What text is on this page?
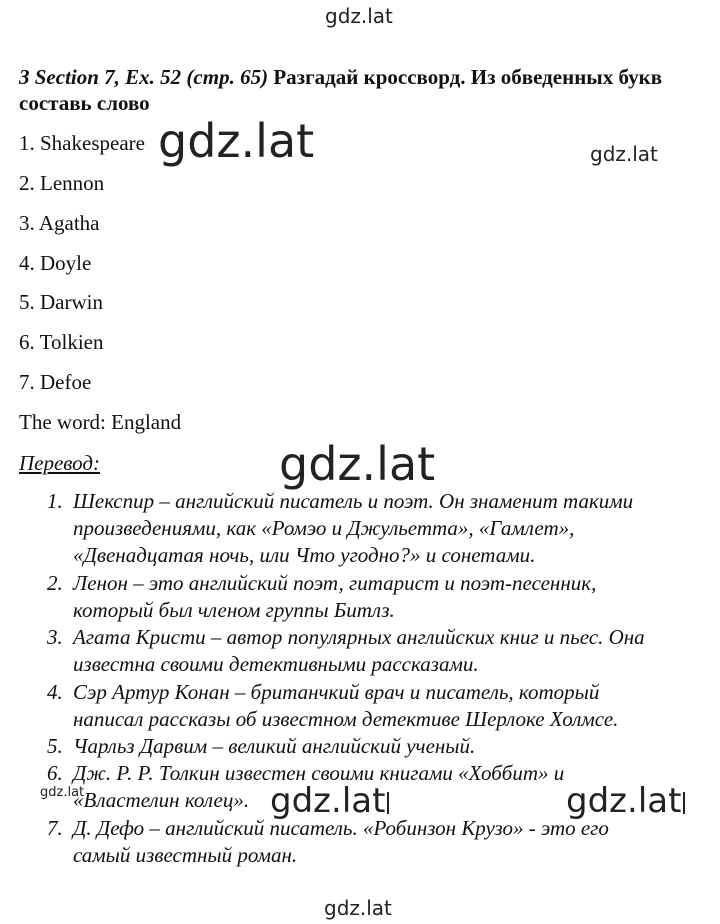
gdz.lat
gdz.lat	gdz.lat
gdz.lat
3 Section 7, Ex. 52 (стр. 65) Разгадай кроссворд. Из обведенных букв составь слово
1. Shakespeare
2. Lennon
3. Agatha
4. Doyle
5. Darwin
6. Tolkien
7. Defoe
The word: England
Перевод:
1. Шекспир – английский писатель и поэт. Он знаменит такими
произведениями, как «Ромэо и Джульетта», «Гамлет»,
«Двенадцатая ночь, или Что угодно?» и сонетами.
2. Ленон – это английский поэт, гитарист и поэт-песенник,
который был членом группы Битлз.
3. Агата Кристи – автор популярных английских книг и пьес. Она
известна своими детективными рассказами.
4. Сэр Артур Конан – британчкий врач и писатель, который
написал рассказы об известном детективе Шерлоке Холмсе.
5. Чарльз Дарвим – великий английский ученый.
6. Дж. Р. Р. Толкин известен своими книгами «Хоббит» и
«Властелин колец».
7. Д. Дефо – английский писатель. «Робинзон Крузо» - это его
самый известный роман.
gdz.lat	gdz.lat	gdz.lat
gdz.lat
